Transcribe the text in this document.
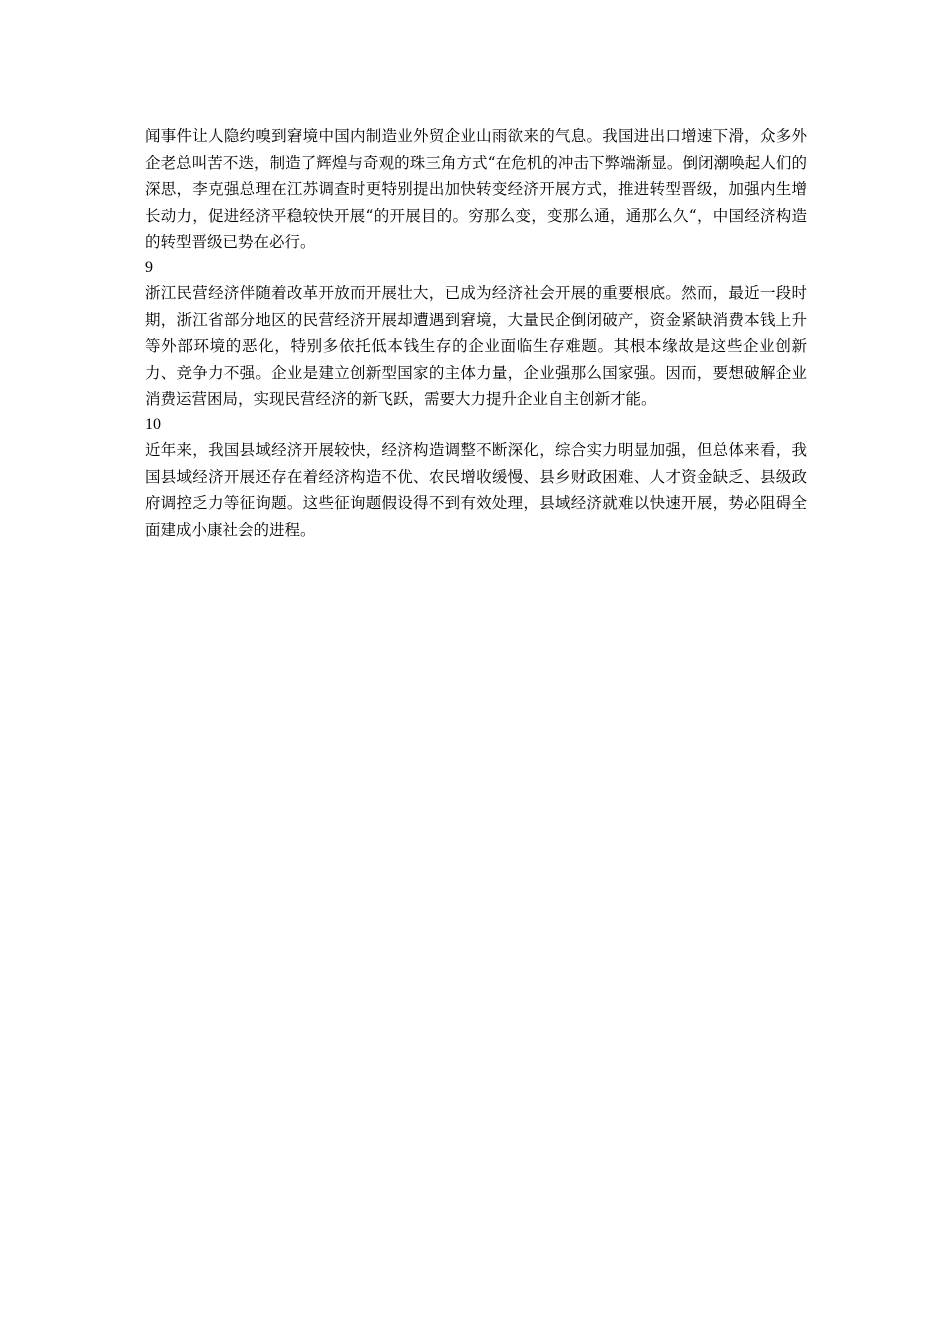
闻事件让人隐约嗅到窘境中国内制造业外贸企业山雨欲来的气息。我国进出口增速下滑，众多外企老总叫苦不迭，制造了辉煌与奇观的珠三角方式“在危机的冲击下弊端渐显。倒闭潮唤起人们的深思，李克强总理在江苏调查时更特别提出加快转变经济开展方式，推进转型晋级，加强内生增长动力，促进经济平稳较快开展“的开展目的。穷那么变，变那么通，通那么久“，中国经济构造的转型晋级已势在必行。

9

浙江民营经济伴随着改革开放而开展壮大，已成为经济社会开展的重要根底。然而，最近一段时期，浙江省部分地区的民营经济开展却遭遇到窘境，大量民企倒闭破产，资金紧缺消费本钱上升等外部环境的恶化，特别多依托低本钱生存的企业面临生存难题。其根本缘故是这些企业创新力、竞争力不强。企业是建立创新型国家的主体力量，企业强那么国家强。因而，要想破解企业消费运营困局，实现民营经济的新飞跃，需要大力提升企业自主创新才能。

10

近年来，我国县域经济开展较快，经济构造调整不断深化，综合实力明显加强，但总体来看，我国县域经济开展还存在着经济构造不优、农民增收缓慢、县乡财政困难、人才资金缺乏、县级政府调控乏力等征询题。这些征询题假设得不到有效处理，县域经济就难以快速开展，势必阻碍全面建成小康社会的进程。
